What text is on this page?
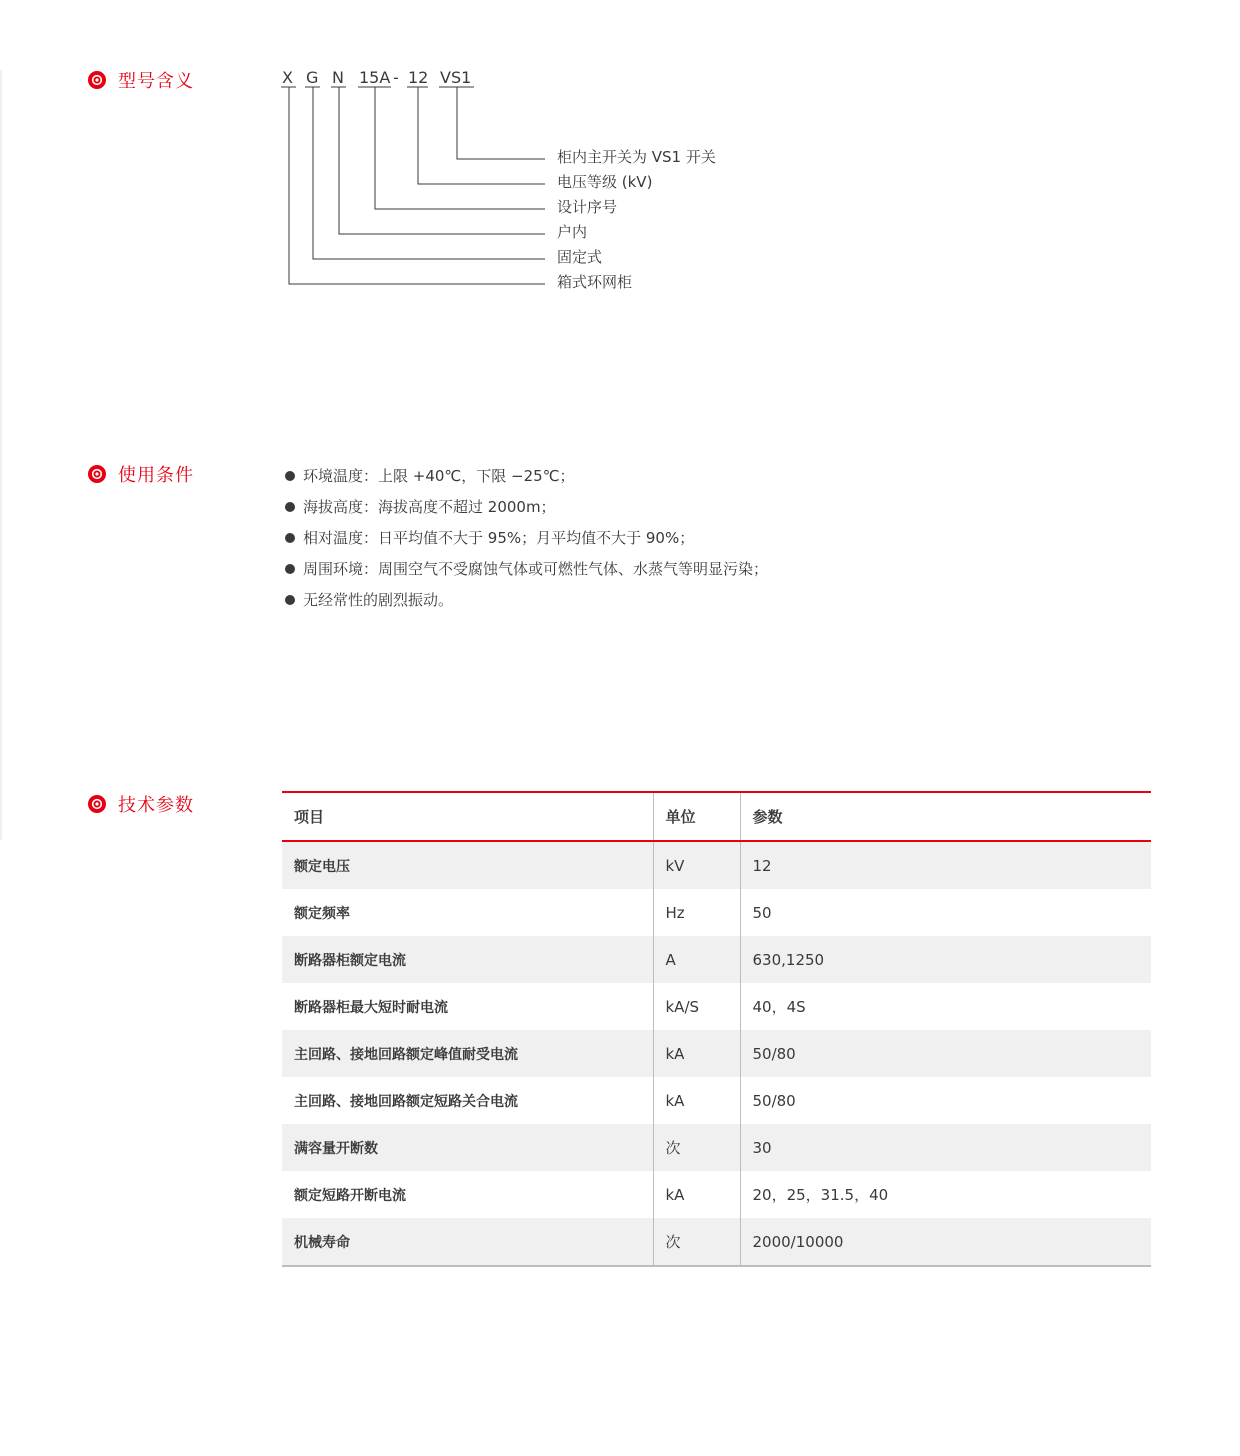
型号含义	X G N 15A 12 VS1
-
柜内主开关为 VS1 开关
电压等级 (kV)
设计序号
户内
固定式
箱式环网柜
使用条件	环境温度：上限 +40℃，下限 −25℃；
海拔高度：海拔高度不超过 2000m；
相对温度：日平均值不大于 95%；月平均值不大于 90%；
周围环境：周围空气不受腐蚀气体或可燃性气体、水蒸气等明显污染；
无经常性的剧烈振动。
技术参数
项目	单位	参数
额定电压	kV	12
额定频率	Hz	50
断路器柜额定电流	A	630,1250
断路器柜最大短时耐电流	kA/S	40，4S
主回路、接地回路额定峰值耐受电流	kA	50/80
主回路、接地回路额定短路关合电流	kA	50/80
满容量开断数	次	30
额定短路开断电流	kA	20，25，31.5，40
机械寿命	次	2000/10000
